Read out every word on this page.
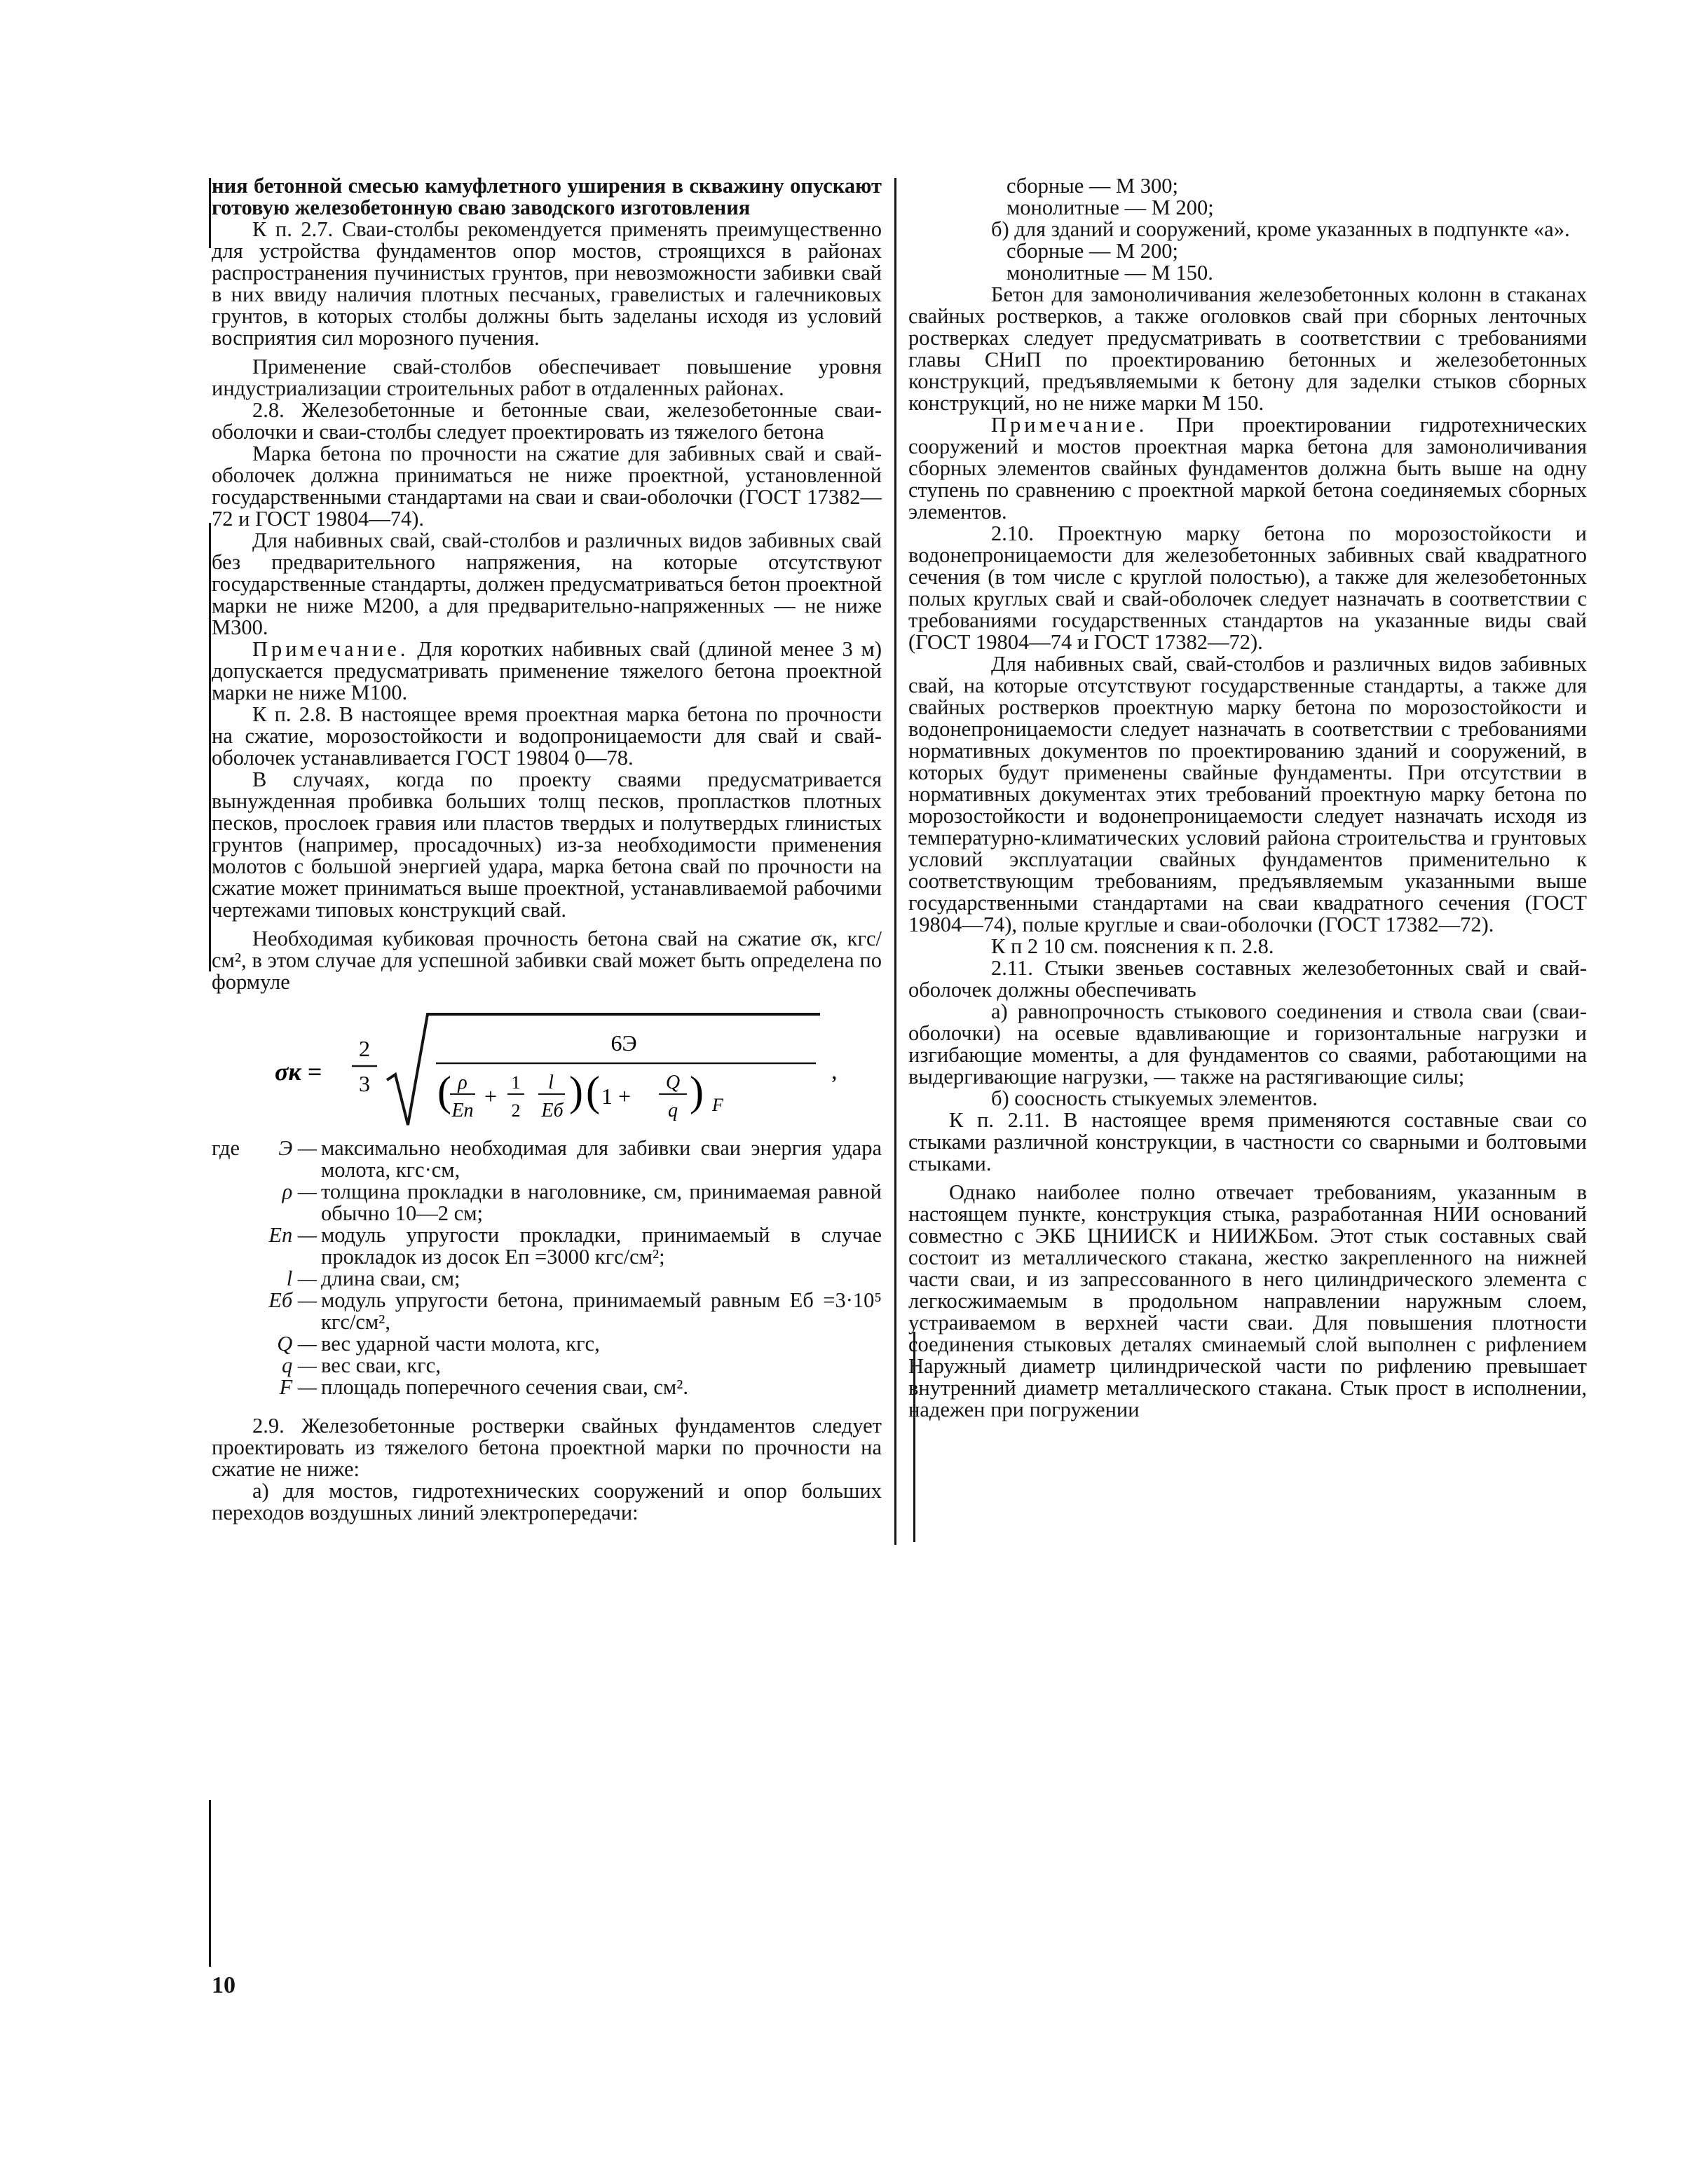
ния бетонной смесью камуфлетного уширения в скважину опускают готовую железобетонную сваю заводского изготовления

К п. 2.7. Сваи-столбы рекомендуется применять преимущественно для устройства фундаментов опор мостов, строящихся в районах распространения пучинистых грунтов, при невозможности забивки свай в них ввиду наличия плотных песчаных, гравелистых и галечниковых грунтов, в которых столбы должны быть заделаны исходя из условий восприятия сил морозного пучения.

Применение свай-столбов обеспечивает повышение уровня индустриализации строительных работ в отдаленных районах.

2.8. Железобетонные и бетонные сваи, железобетонные сваи-оболочки и сваи-столбы следует проектировать из тяжелого бетона

Марка бетона по прочности на сжатие для забивных свай и свай-оболочек должна приниматься не ниже проектной, установленной государственными стандартами на сваи и сваи-оболочки (ГОСТ 17382—72 и ГОСТ 19804—74).

Для набивных свай, свай-столбов и различных видов забивных свай без предварительного напряжения, на которые отсутствуют государственные стандарты, должен предусматриваться бетон проектной марки не ниже М200, а для предварительно-напряженных — не ниже М300.

Примечание. Для коротких набивных свай (длиной менее 3 м) допускается предусматривать применение тяжелого бетона проектной марки не ниже М100.

К п. 2.8. В настоящее время проектная марка бетона по прочности на сжатие, морозостойкости и водопроницаемости для свай и свай-оболочек устанавливается ГОСТ 19804 0—78.

В случаях, когда по проекту сваями предусматривается вынужденная пробивка больших толщ песков, пропластков плотных песков, прослоек гравия или пластов твердых и полутвердых глинистых грунтов (например, просадочных) из-за необходимости применения молотов с большой энергией удара, марка бетона свай по прочности на сжатие может приниматься выше проектной, устанавливаемой рабочими чертежами типовых конструкций свай.

Необходимая кубиковая прочность бетона свай на сжатие σк, кгс/см², в этом случае для успешной забивки свай может быть определена по формуле

σк =
2
3
6Э
( ρ
Eп
+
1
2
l
Eб ) ( 1 +
Q
q ) F
,
где	Э — максимально необходимая для забивки сваи энергия удара молота, кгс·см,
ρ — толщина прокладки в наголовнике, см, принимаемая равной обычно 10—2 см;
Eп — модуль упругости прокладки, принимаемый в случае прокладок из досок Eп =3000 кгс/см²;
l — длина сваи, см;
Eб — модуль упругости бетона, принимаемый равным Eб =3·10⁵ кгс/см²,
Q — вес ударной части молота, кгс,
q — вес сваи, кгс,
F — площадь поперечного сечения сваи, см².

2.9. Железобетонные ростверки свайных фундаментов следует проектировать из тяжелого бетона проектной марки по прочности на сжатие не ниже:

а) для мостов, гидротехнических сооружений и опор больших переходов воздушных линий электропередачи:

сборные — М 300;

монолитные — М 200;

б) для зданий и сооружений, кроме указанных в подпункте «а».

сборные — М 200;

монолитные — М 150.

Бетон для замоноличивания железобетонных колонн в стаканах свайных ростверков, а также оголовков свай при сборных ленточных ростверках следует предусматривать в соответствии с требованиями главы СНиП по проектированию бетонных и железобетонных конструкций, предъявляемыми к бетону для заделки стыков сборных конструкций, но не ниже марки М 150.

Примечание. При проектировании гидротехнических сооружений и мостов проектная марка бетона для замоноличивания сборных элементов свайных фундаментов должна быть выше на одну ступень по сравнению с проектной маркой бетона соединяемых сборных элементов.

2.10. Проектную марку бетона по морозостойкости и водонепроницаемости для железобетонных забивных свай квадратного сечения (в том числе с круглой полостью), а также для железобетонных полых круглых свай и свай-оболочек следует назначать в соответствии с требованиями государственных стандартов на указанные виды свай (ГОСТ 19804—74 и ГОСТ 17382—72).

Для набивных свай, свай-столбов и различных видов забивных свай, на которые отсутствуют государственные стандарты, а также для свайных ростверков проектную марку бетона по морозостойкости и водонепроницаемости следует назначать в соответствии с требованиями нормативных документов по проектированию зданий и сооружений, в которых будут применены свайные фундаменты. При отсутствии в нормативных документах этих требований проектную марку бетона по морозостойкости и водонепроницаемости следует назначать исходя из температурно-климатических условий района строительства и грунтовых условий эксплуатации свайных фундаментов применительно к соответствующим требованиям, предъявляемым указанными выше государственными стандартами на сваи квадратного сечения (ГОСТ 19804—74), полые круглые и сваи-оболочки (ГОСТ 17382—72).

К п 2 10 см. пояснения к п. 2.8.

2.11. Стыки звеньев составных железобетонных свай и свай-оболочек должны обеспечивать

а) равнопрочность стыкового соединения и ствола сваи (сваи-оболочки) на осевые вдавливающие и горизонтальные нагрузки и изгибающие моменты, а для фундаментов со сваями, работающими на выдергивающие нагрузки, — также на растягивающие силы;

б) соосность стыкуемых элементов.

К п. 2.11. В настоящее время применяются составные сваи со стыками различной конструкции, в частности со сварными и болтовыми стыками.

Однако наиболее полно отвечает требованиям, указанным в настоящем пункте, конструкция стыка, разработанная НИИ оснований совместно с ЭКБ ЦНИИСК и НИИЖБом. Этот стык составных свай состоит из металлического стакана, жестко закрепленного на нижней части сваи, и из запрессованного в него цилиндрического элемента с легкосжимаемым в продольном направлении наружным слоем, устраиваемом в верхней части сваи. Для повышения плотности соединения стыковых деталях сминаемый слой выполнен с рифлением Наружный диаметр цилиндрической части по рифлению превышает внутренний диаметр металлического стакана. Стык прост в исполнении, надежен при погружении

10
